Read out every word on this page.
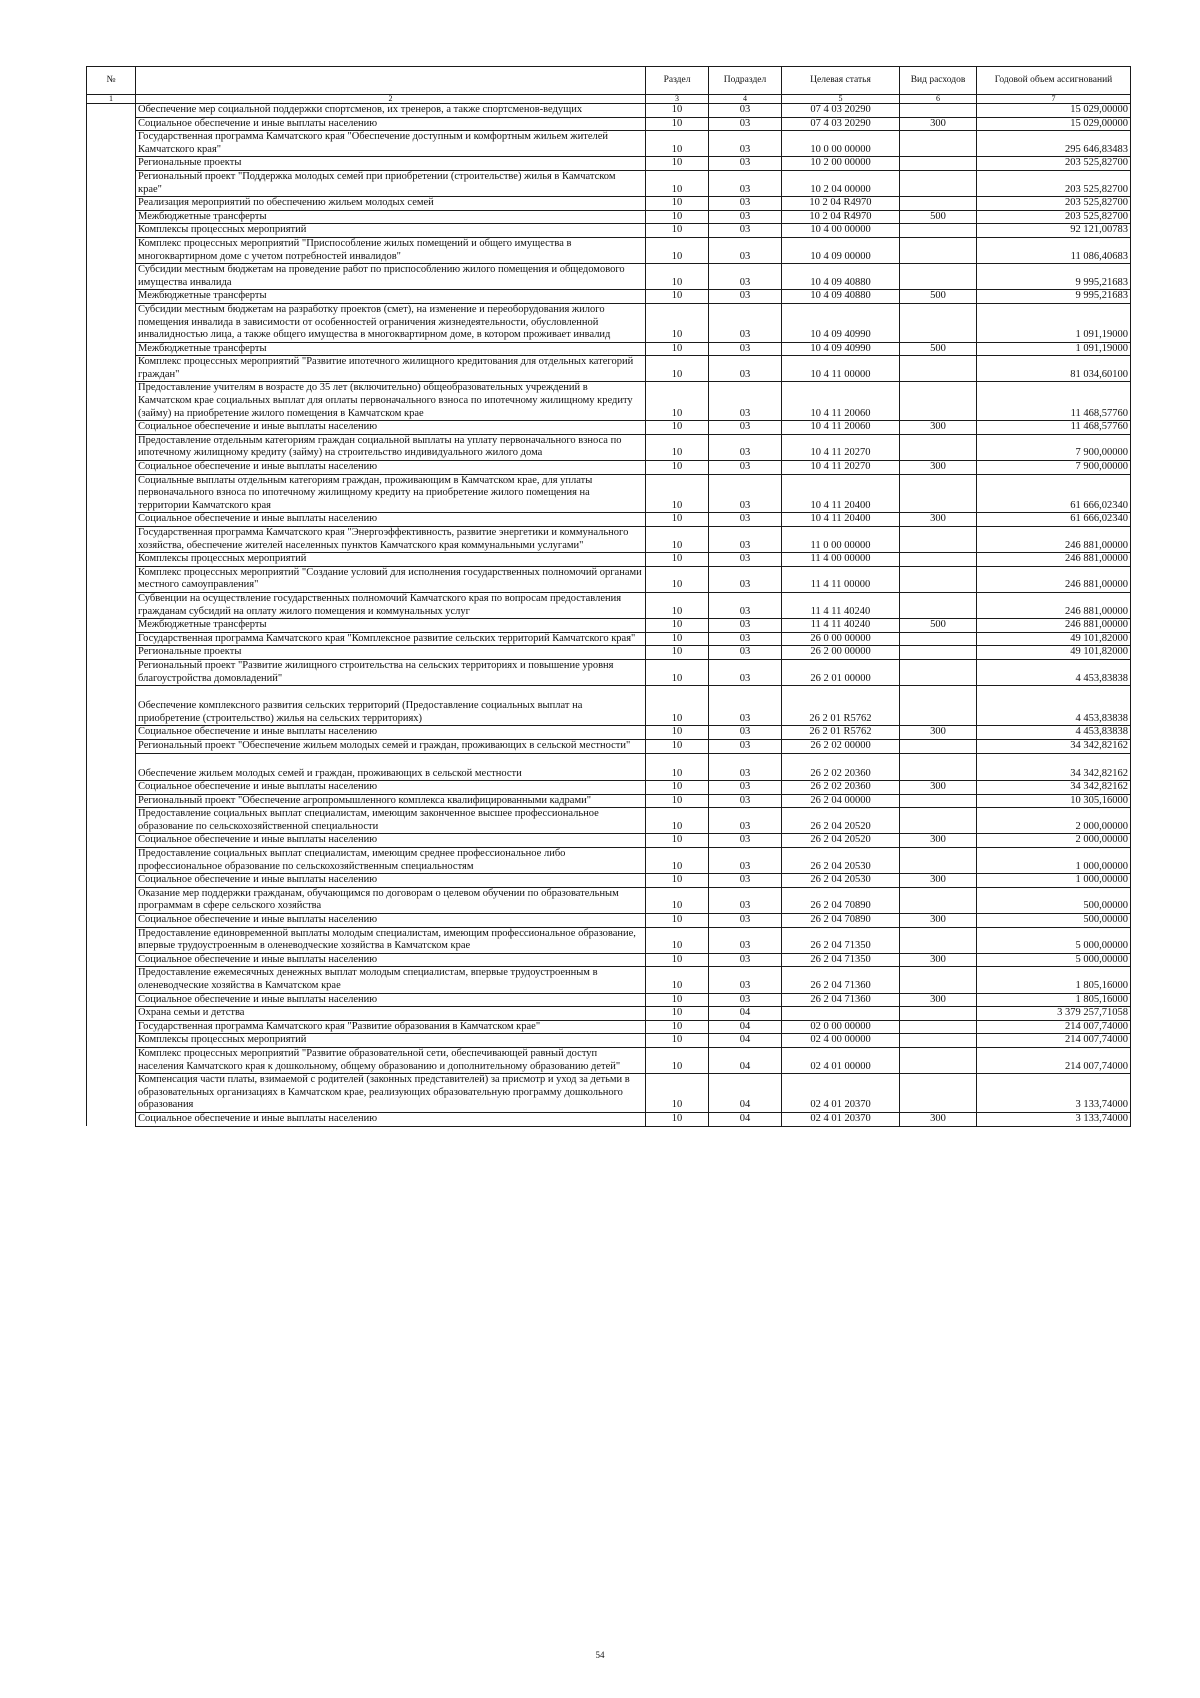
№		Раздел	Подраздел	Целевая статья	Вид расходов	Годовой объем ассигнований
1	2	3	4	5	6	7
	Обеспечение мер социальной поддержки спортсменов, их тренеров, а также спортсменов-ведущих	10	03	07 4 03 20290		15 029,00000
	Социальное обеспечение и иные выплаты населению	10	03	07 4 03 20290	300	15 029,00000
	Государственная программа Камчатского края "Обеспечение доступным и комфортным жильем жителей Камчатского края"	10	03	10 0 00 00000		295 646,83483
	Региональные проекты	10	03	10 2 00 00000		203 525,82700
	Региональный проект "Поддержка молодых семей при приобретении (строительстве) жилья в Камчатском крае"	10	03	10 2 04 00000		203 525,82700
	Реализация мероприятий по обеспечению жильем молодых семей	10	03	10 2 04 R4970		203 525,82700
	Межбюджетные трансферты	10	03	10 2 04 R4970	500	203 525,82700
	Комплексы процессных мероприятий	10	03	10 4 00 00000		92 121,00783
	Комплекс процессных мероприятий "Приспособление жилых помещений и общего имущества в многоквартирном доме с учетом потребностей инвалидов"	10	03	10 4 09 00000		11 086,40683
	Субсидии местным бюджетам на проведение работ по приспособлению жилого помещения и общедомового имущества инвалида	10	03	10 4 09 40880		9 995,21683
	Межбюджетные трансферты	10	03	10 4 09 40880	500	9 995,21683
	Субсидии местным бюджетам на разработку проектов (смет), на изменение и переоборудования жилого помещения инвалида в зависимости от особенностей ограничения жизнедеятельности, обусловленной инвалидностью лица, а также общего имущества в многоквартирном доме, в котором проживает инвалид	10	03	10 4 09 40990		1 091,19000
	Межбюджетные трансферты	10	03	10 4 09 40990	500	1 091,19000
	Комплекс процессных мероприятий "Развитие ипотечного жилищного кредитования для отдельных категорий граждан"	10	03	10 4 11 00000		81 034,60100
	Предоставление учителям в возрасте до 35 лет (включительно) общеобразовательных учреждений в Камчатском крае социальных выплат для оплаты первоначального взноса по ипотечному жилищному кредиту (займу) на приобретение жилого помещения в Камчатском крае	10	03	10 4 11 20060		11 468,57760
	Социальное обеспечение и иные выплаты населению	10	03	10 4 11 20060	300	11 468,57760
	Предоставление отдельным категориям граждан социальной выплаты на уплату первоначального взноса по ипотечному жилищному кредиту (займу) на строительство индивидуального жилого дома	10	03	10 4 11 20270		7 900,00000
	Социальное обеспечение и иные выплаты населению	10	03	10 4 11 20270	300	7 900,00000
	Социальные выплаты отдельным категориям граждан, проживающим в Камчатском крае, для уплаты первоначального взноса по ипотечному жилищному кредиту на приобретение жилого помещения на территории Камчатского края	10	03	10 4 11 20400		61 666,02340
	Социальное обеспечение и иные выплаты населению	10	03	10 4 11 20400	300	61 666,02340
	Государственная программа Камчатского края "Энергоэффективность, развитие энергетики и коммунального хозяйства, обеспечение жителей населенных пунктов Камчатского края коммунальными услугами"	10	03	11 0 00 00000		246 881,00000
	Комплексы процессных мероприятий	10	03	11 4 00 00000		246 881,00000
	Комплекс процессных мероприятий "Создание условий для исполнения государственных полномочий органами местного самоуправления"	10	03	11 4 11 00000		246 881,00000
	Субвенции на осуществление государственных полномочий Камчатского края по вопросам предоставления гражданам субсидий на оплату жилого помещения и коммунальных услуг	10	03	11 4 11 40240		246 881,00000
	Межбюджетные трансферты	10	03	11 4 11 40240	500	246 881,00000
	Государственная программа Камчатского края "Комплексное развитие сельских территорий Камчатского края"	10	03	26 0 00 00000		49 101,82000
	Региональные проекты	10	03	26 2 00 00000		49 101,82000
	Региональный проект "Развитие жилищного строительства на сельских территориях и повышение уровня благоустройства домовладений"	10	03	26 2 01 00000		4 453,83838
	Обеспечение комплексного развития сельских территорий (Предоставление социальных выплат на приобретение (строительство) жилья на сельских территориях)	10	03	26 2 01 R5762		4 453,83838
	Социальное обеспечение и иные выплаты населению	10	03	26 2 01 R5762	300	4 453,83838
	Региональный проект "Обеспечение жильем молодых семей и граждан, проживающих в сельской местности"	10	03	26 2 02 00000		34 342,82162
	Обеспечение жильем молодых семей и граждан, проживающих в сельской местности	10	03	26 2 02 20360		34 342,82162
	Социальное обеспечение и иные выплаты населению	10	03	26 2 02 20360	300	34 342,82162
	Региональный проект "Обеспечение агропромышленного комплекса квалифицированными кадрами"	10	03	26 2 04 00000		10 305,16000
	Предоставление социальных выплат специалистам, имеющим законченное высшее профессиональное образование по сельскохозяйственной специальности	10	03	26 2 04 20520		2 000,00000
	Социальное обеспечение и иные выплаты населению	10	03	26 2 04 20520	300	2 000,00000
	Предоставление социальных выплат специалистам, имеющим среднее профессиональное либо профессиональное образование по сельскохозяйственным специальностям	10	03	26 2 04 20530		1 000,00000
	Социальное обеспечение и иные выплаты населению	10	03	26 2 04 20530	300	1 000,00000
	Оказание мер поддержки гражданам, обучающимся по договорам о целевом обучении по образовательным программам в сфере сельского хозяйства	10	03	26 2 04 70890		500,00000
	Социальное обеспечение и иные выплаты населению	10	03	26 2 04 70890	300	500,00000
	Предоставление единовременной выплаты молодым специалистам, имеющим профессиональное образование, впервые трудоустроенным в оленеводческие хозяйства в Камчатском крае	10	03	26 2 04 71350		5 000,00000
	Социальное обеспечение и иные выплаты населению	10	03	26 2 04 71350	300	5 000,00000
	Предоставление ежемесячных денежных выплат молодым специалистам, впервые трудоустроенным в оленеводческие хозяйства в Камчатском крае	10	03	26 2 04 71360		1 805,16000
	Социальное обеспечение и иные выплаты населению	10	03	26 2 04 71360	300	1 805,16000
	Охрана семьи и детства	10	04			3 379 257,71058
	Государственная программа Камчатского края "Развитие образования в Камчатском крае"	10	04	02 0 00 00000		214 007,74000
	Комплексы процессных мероприятий	10	04	02 4 00 00000		214 007,74000
	Комплекс процессных мероприятий "Развитие образовательной сети, обеспечивающей равный доступ населения Камчатского края к дошкольному, общему образованию и дополнительному образованию детей"	10	04	02 4 01 00000		214 007,74000
	Компенсация части платы, взимаемой с родителей (законных представителей) за присмотр и уход за детьми в образовательных организациях в Камчатском крае, реализующих образовательную программу дошкольного образования	10	04	02 4 01 20370		3 133,74000
	Социальное обеспечение и иные выплаты населению	10	04	02 4 01 20370	300	3 133,74000
54
